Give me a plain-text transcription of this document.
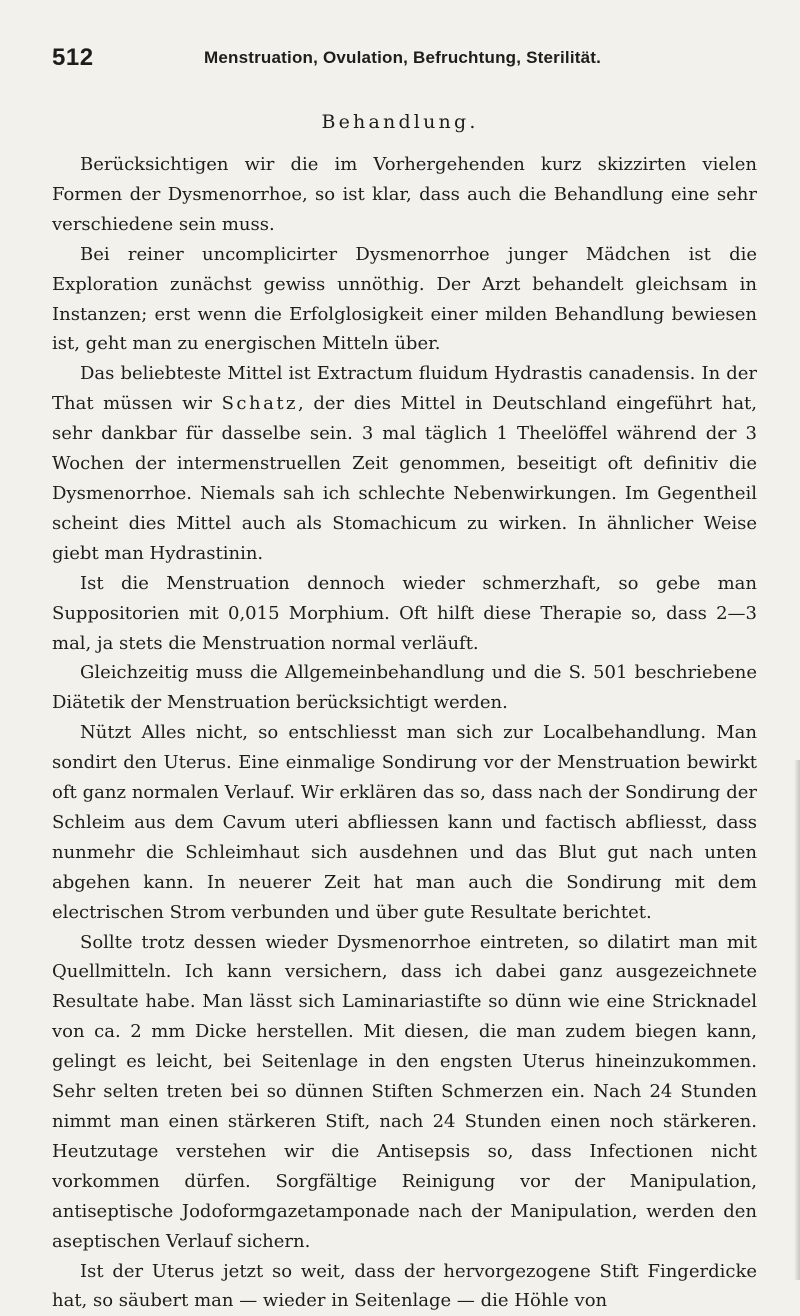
512	Menstruation, Ovulation, Befruchtung, Sterilität.
Behandlung.

Berücksichtigen wir die im Vorhergehenden kurz skizzirten vielen Formen der Dysmenorrhoe, so ist klar, dass auch die Behandlung eine sehr verschiedene sein muss.

Bei reiner uncomplicirter Dysmenorrhoe junger Mädchen ist die Exploration zunächst gewiss unnöthig. Der Arzt behandelt gleichsam in Instanzen; erst wenn die Erfolglosigkeit einer milden Behandlung bewiesen ist, geht man zu energischen Mitteln über.

Das beliebteste Mittel ist Extractum fluidum Hydrastis canadensis. In der That müssen wir Schatz, der dies Mittel in Deutschland eingeführt hat, sehr dankbar für dasselbe sein. 3 mal täglich 1 Theelöffel während der 3 Wochen der intermenstruellen Zeit genommen, beseitigt oft definitiv die Dysmenorrhoe. Niemals sah ich schlechte Nebenwirkungen. Im Gegentheil scheint dies Mittel auch als Stomachicum zu wirken. In ähnlicher Weise giebt man Hydrastinin.

Ist die Menstruation dennoch wieder schmerzhaft, so gebe man Suppositorien mit 0,015 Morphium. Oft hilft diese Therapie so, dass 2—3 mal, ja stets die Menstruation normal verläuft.

Gleichzeitig muss die Allgemeinbehandlung und die S. 501 beschriebene Diätetik der Menstruation berücksichtigt werden.

Nützt Alles nicht, so entschliesst man sich zur Localbehandlung. Man sondirt den Uterus. Eine einmalige Sondirung vor der Menstruation bewirkt oft ganz normalen Verlauf. Wir erklären das so, dass nach der Sondirung der Schleim aus dem Cavum uteri abfliessen kann und factisch abfliesst, dass nunmehr die Schleimhaut sich ausdehnen und das Blut gut nach unten abgehen kann. In neuerer Zeit hat man auch die Sondirung mit dem electrischen Strom verbunden und über gute Resultate berichtet.

Sollte trotz dessen wieder Dysmenorrhoe eintreten, so dilatirt man mit Quellmitteln. Ich kann versichern, dass ich dabei ganz ausgezeichnete Resultate habe. Man lässt sich Laminariastifte so dünn wie eine Stricknadel von ca. 2 mm Dicke herstellen. Mit diesen, die man zudem biegen kann, gelingt es leicht, bei Seitenlage in den engsten Uterus hineinzukommen. Sehr selten treten bei so dünnen Stiften Schmerzen ein. Nach 24 Stunden nimmt man einen stärkeren Stift, nach 24 Stunden einen noch stärkeren. Heutzutage verstehen wir die Antisepsis so, dass Infectionen nicht vorkommen dürfen. Sorgfältige Reinigung vor der Manipulation, antiseptische Jodoformgazetamponade nach der Manipulation, werden den aseptischen Verlauf sichern.

Ist der Uterus jetzt so weit, dass der hervorgezogene Stift Fingerdicke hat, so säubert man — wieder in Seitenlage — die Höhle von
